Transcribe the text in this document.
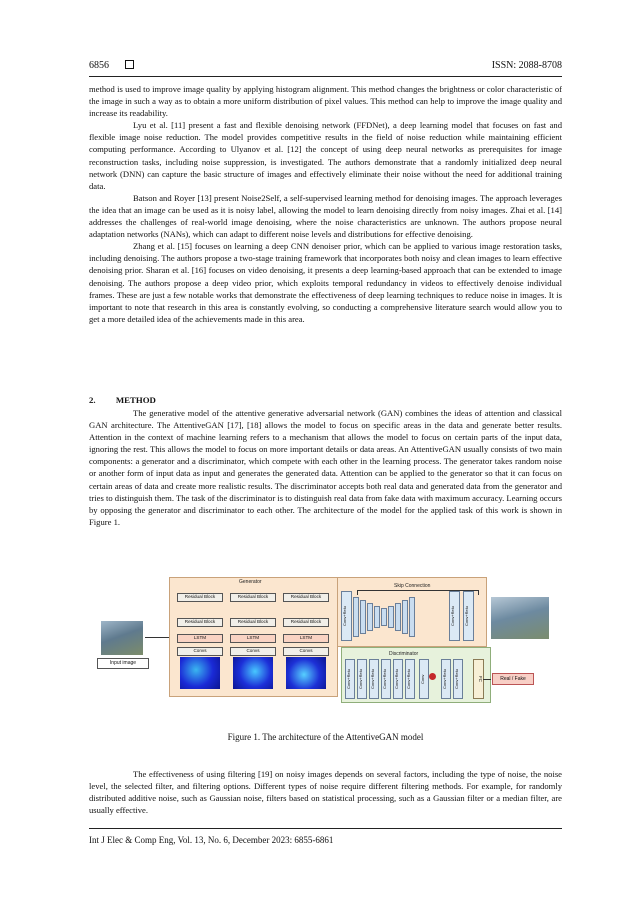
6856	ISSN: 2088-8708

method is used to improve image quality by applying histogram alignment. This method changes the brightness or color characteristic of the image in such a way as to obtain a more uniform distribution of pixel values. This method can help to improve the image quality and increase its readability.

Lyu et al. [11] present a fast and flexible denoising network (FFDNet), a deep learning model that focuses on fast and flexible image noise reduction. The model provides competitive results in the field of noise reduction while maintaining efficient computing performance. According to Ulyanov et al. [12] the concept of using deep neural networks as prerequisites for image reconstruction tasks, including noise suppression, is investigated. The authors demonstrate that a randomly initialized deep neural network (DNN) can capture the basic structure of images and effectively eliminate their noise without the need for additional training data.

Batson and Royer [13] present Noise2Self, a self-supervised learning method for denoising images. The approach leverages the idea that an image can be used as it is noisy label, allowing the model to learn denoising directly from noisy images. Zhai et al. [14] addresses the challenges of real-world image denoising, where the noise characteristics are unknown. The authors propose neural adaptation networks (NANs), which can adapt to different noise levels and distributions for effective denoising.

Zhang et al. [15] focuses on learning a deep CNN denoiser prior, which can be applied to various image restoration tasks, including denoising. The authors propose a two-stage training framework that incorporates both noisy and clean images to learn effective denoising prior. Sharan et al. [16] focuses on video denoising, it presents a deep learning-based approach that can be extended to image denoising. The authors propose a deep video prior, which exploits temporal redundancy in videos to effectively denoise individual frames. These are just a few notable works that demonstrate the effectiveness of deep learning techniques to reduce noise in images. It is important to note that research in this area is constantly evolving, so conducting a comprehensive literature search would allow you to get a more detailed idea of the achievements made in this area.

2. METHOD

The generative model of the attentive generative adversarial network (GAN) combines the ideas of attention and classical GAN architecture. The AttentiveGAN [17], [18] allows the model to focus on specific areas in the data and generate better results. Attention in the context of machine learning refers to a mechanism that allows the model to focus on certain parts of the input data, ignoring the rest. This allows the model to focus on more important details or data areas. An AttentiveGAN usually consists of two main components: a generator and a discriminator, which compete with each other in the learning process. The generator takes random noise or another form of input data as input and generates the generated data. Attention can be applied to the generator so that it can focus on certain areas of data and create more realistic results. The discriminator accepts both real data and generated data from the generator and tries to distinguish them. The task of the discriminator is to distinguish real data from fake data with maximum accuracy. Learning occurs by opposing the generator and discriminator to each other. The architecture of the model for the applied task of this work is shown in Figure 1.

Input image
Generator
Residual Block
Residual Block
LSTM
Convs
Residual Block
Residual Block
LSTM
Convs
Residual Block
Residual Block
LSTM
Convs
Skip Connection
Conv+Relu	Conv+Relu	Conv+Relu
Discriminator
Conv+Relu	Conv+Relu	Conv+Relu	Conv+Relu	Conv+Relu	Conv+Relu	Conv	Conv+Relu	Conv+Relu	FC	Real / Fake
Figure 1. The architecture of the AttentiveGAN model

The effectiveness of using filtering [19] on noisy images depends on several factors, including the type of noise, the noise level, the selected filter, and filtering options. Different types of noise require different filtering methods. For example, for randomly distributed additive noise, such as Gaussian noise, filters based on statistical processing, such as a Gaussian filter or a median filter, are usually effective.

Int J Elec & Comp Eng, Vol. 13, No. 6, December 2023: 6855-6861
